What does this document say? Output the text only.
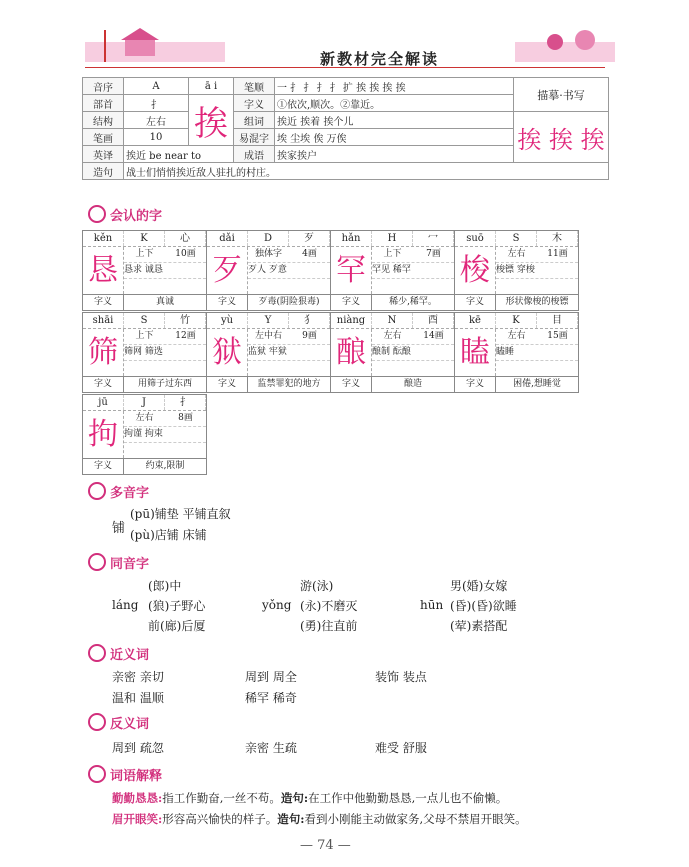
新教材完全解读
音序	A	ā i	笔顺	一 扌 扌 扌 扌 扩 挨 挨 挨 挨	描摹·书写
部首	扌	挨	字义	①依次,顺次。②靠近。	
结构	左右		组词	挨近 挨着 挨个儿	挨 挨 挨
笔画	10		易混字	埃 尘埃 俟 万俟	
英译	挨近 be near to		成语	挨家挨户	
造句	战士们悄悄挨近敌人驻扎的村庄。				
会认的字
kěn	K	心
恳	上下	10画
恳求 诚恳
字义	真诚
dǎi	D	歹
歹	独体字	4画
歹人 歹意
字义	歹毒(阴险狠毒)
hǎn	H	冖
罕	上下	7画
罕见 稀罕
字义	稀少,稀罕。
suō	S	木
梭	左右	11画
梭镖 穿梭
字义	形状像梭的梭镖
shāi	S	竹
筛	上下	12画
筛网 筛选
字义	用筛子过东西
yù	Y	犭
狱	左中右	9画
监狱 牢狱
字义	监禁罪犯的地方
niàng	N	酉
酿	左右	14画
酿制 酝酿
字义	酿造
kē	K	目
瞌	左右	15画
瞌睡
字义	困倦,想睡觉
jū	J	扌
拘	左右	8画
拘谨 拘束
字义	约束,限制
多音字
铺
(pū)铺垫 平铺直叙
(pù)店铺 床铺
同音字
láng
(郎)中
(狼)子野心
前(廊)后厦
yǒng
游(泳)
(永)不磨灭
(勇)往直前
hūn
男(婚)女嫁
(昏)(昏)欲睡
(荤)素搭配
近义词
亲密 亲切	周到 周全	装饰 装点
温和 温顺	稀罕 稀奇
反义词
周到 疏忽	亲密 生疏	难受 舒服
词语解释
勤勤恳恳:指工作勤奋,一丝不苟。造句:在工作中他勤勤恳恳,一点儿也不偷懒。
眉开眼笑:形容高兴愉快的样子。造句:看到小刚能主动做家务,父母不禁眉开眼笑。
— 74 —
